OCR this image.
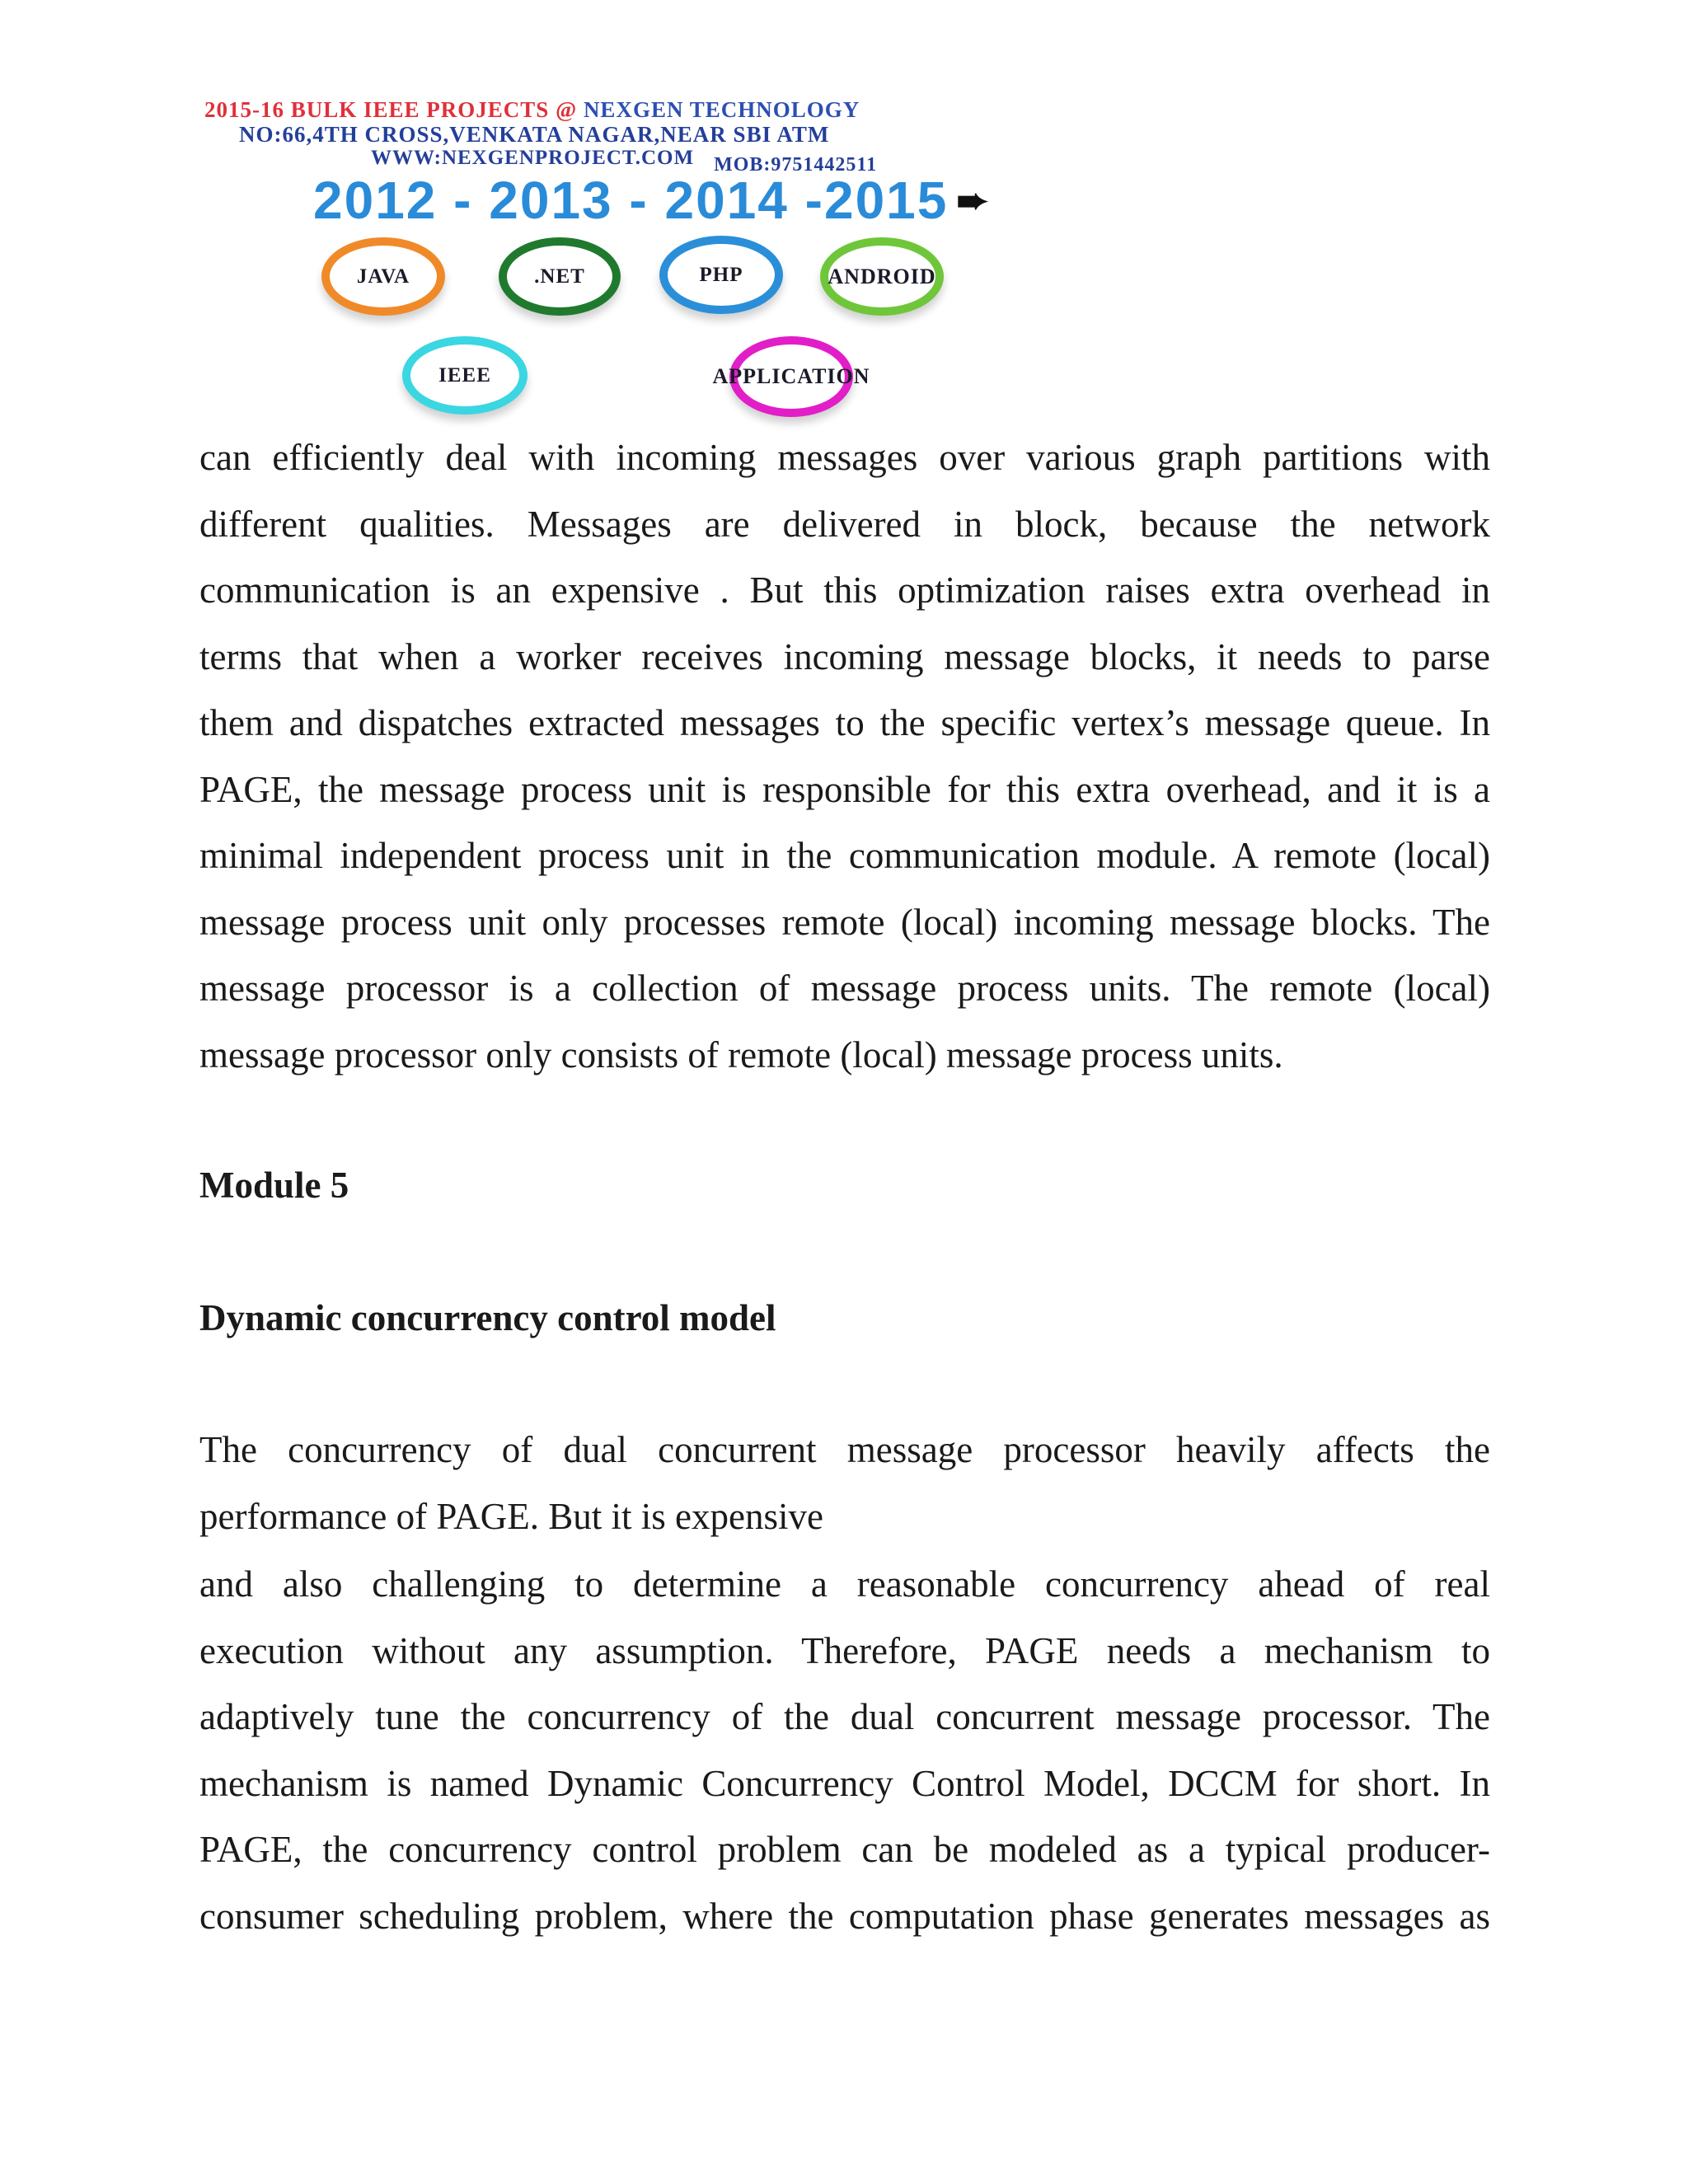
2015-16 BULK IEEE PROJECTS @ NEXGEN TECHNOLOGY
NO:66,4TH CROSS,VENKATA NAGAR,NEAR SBI ATM
WWW:NEXGENPROJECT.COM MOB:9751442511
2012 - 2013 - 2014 -2015 ➨
JAVA	.NET	PHP	ANDROID
IEEE	APPLICATION
can efficiently deal with incoming messages over various graph partitions with
different qualities. Messages are delivered in block, because the network
communication is an expensive . But this optimization raises extra overhead in
terms that when a worker receives incoming message blocks, it needs to parse
them and dispatches extracted messages to the specific vertex’s message queue. In
PAGE, the message process unit is responsible for this extra overhead, and it is a
minimal independent process unit in the communication module. A remote (local)
message process unit only processes remote (local) incoming message blocks. The
message processor is a collection of message process units. The remote (local)
message processor only consists of remote (local) message process units.
Module 5
Dynamic concurrency control model
The concurrency of dual concurrent message processor heavily affects the
performance of PAGE. But it is expensive
and also challenging to determine a reasonable concurrency ahead of real
execution without any assumption. Therefore, PAGE needs a mechanism to
adaptively tune the concurrency of the dual concurrent message processor. The
mechanism is named Dynamic Concurrency Control Model, DCCM for short. In
PAGE, the concurrency control problem can be modeled as a typical producer-
consumer scheduling problem, where the computation phase generates messages as
